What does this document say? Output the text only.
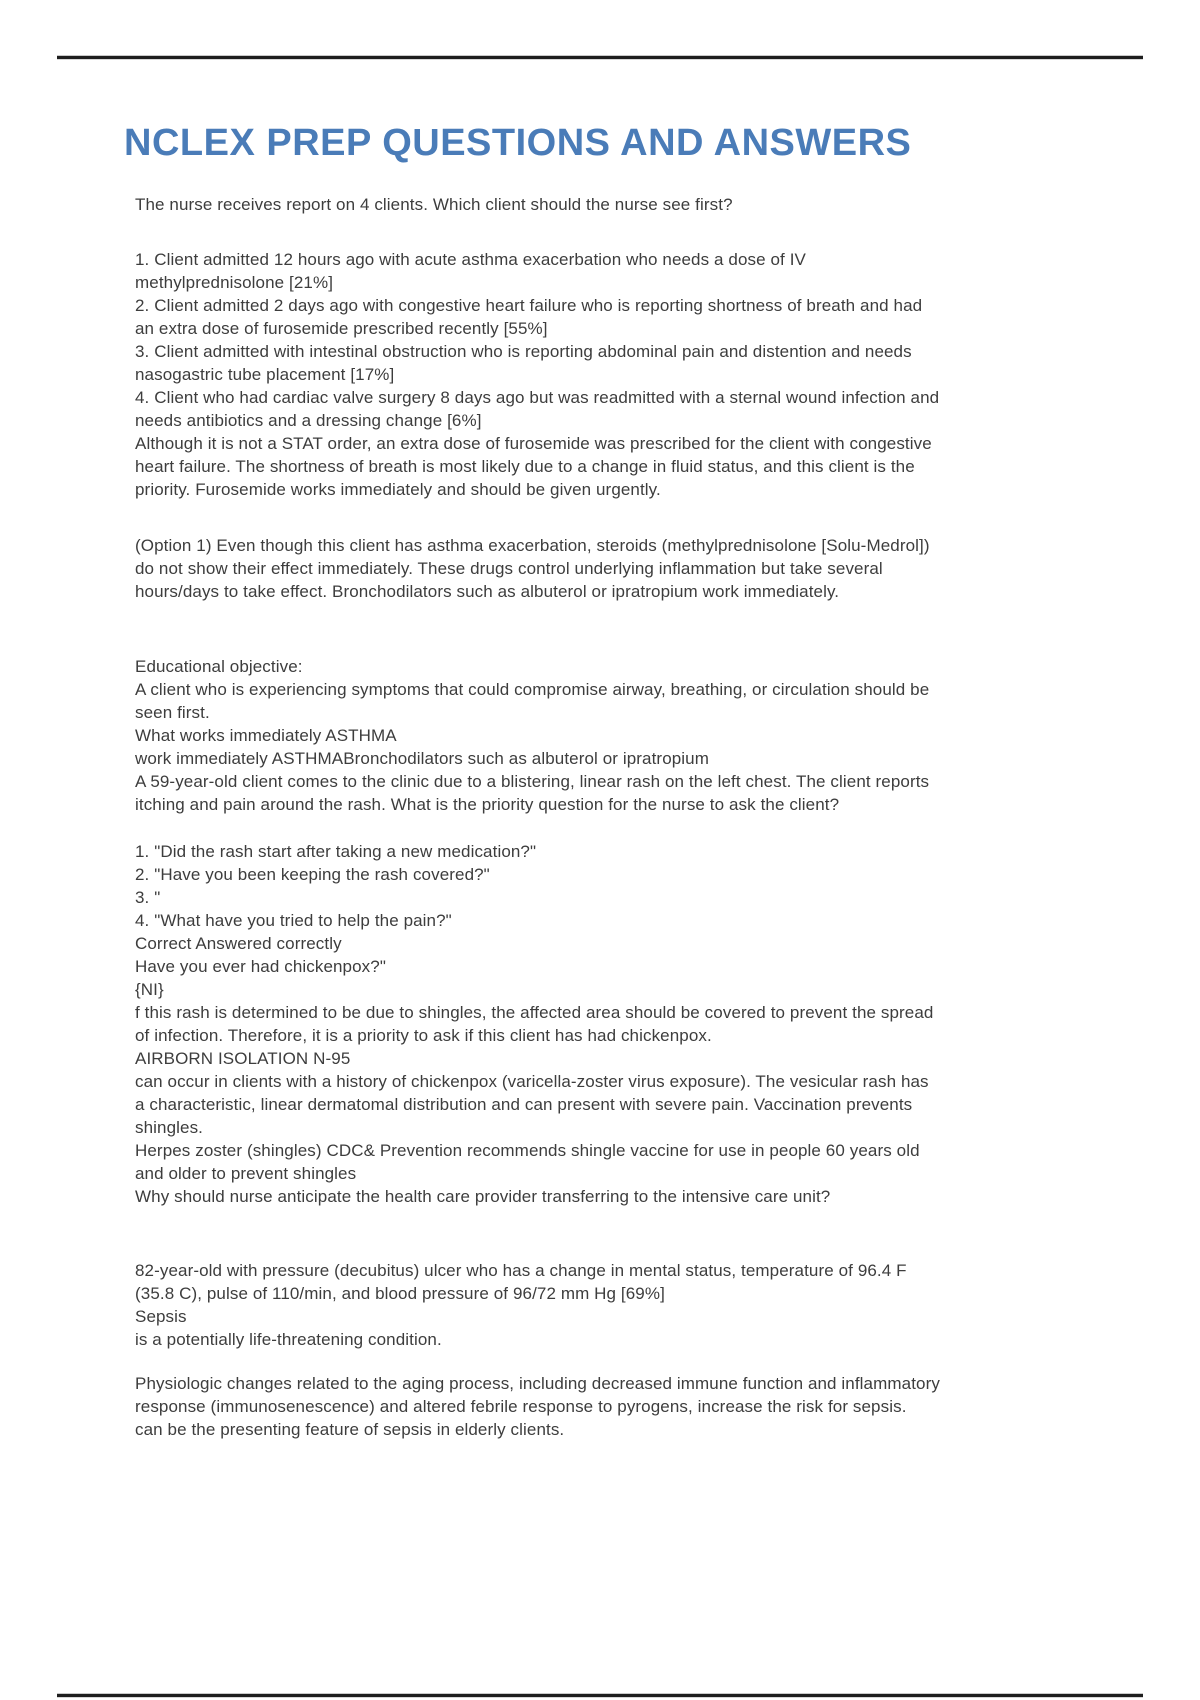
NCLEX PREP QUESTIONS AND ANSWERS
The nurse receives report on 4 clients. Which client should the nurse see first?
1. Client admitted 12 hours ago with acute asthma exacerbation who needs a dose of IV
methylprednisolone [21%]
2. Client admitted 2 days ago with congestive heart failure who is reporting shortness of breath and had
an extra dose of furosemide prescribed recently [55%]
3. Client admitted with intestinal obstruction who is reporting abdominal pain and distention and needs
nasogastric tube placement [17%]
4. Client who had cardiac valve surgery 8 days ago but was readmitted with a sternal wound infection and
needs antibiotics and a dressing change [6%]
Although it is not a STAT order, an extra dose of furosemide was prescribed for the client with congestive
heart failure. The shortness of breath is most likely due to a change in fluid status, and this client is the
priority. Furosemide works immediately and should be given urgently.
(Option 1) Even though this client has asthma exacerbation, steroids (methylprednisolone [Solu-Medrol])
do not show their effect immediately. These drugs control underlying inflammation but take several
hours/days to take effect. Bronchodilators such as albuterol or ipratropium work immediately.
Educational objective:
A client who is experiencing symptoms that could compromise airway, breathing, or circulation should be
seen first.
What works immediately ASTHMA
work immediately ASTHMABronchodilators such as albuterol or ipratropium
A 59-year-old client comes to the clinic due to a blistering, linear rash on the left chest. The client reports
itching and pain around the rash. What is the priority question for the nurse to ask the client?
1. "Did the rash start after taking a new medication?"
2. "Have you been keeping the rash covered?"
3. "
4. "What have you tried to help the pain?"
Correct Answered correctly
Have you ever had chickenpox?"
{NI}
f this rash is determined to be due to shingles, the affected area should be covered to prevent the spread
of infection. Therefore, it is a priority to ask if this client has had chickenpox.
AIRBORN ISOLATION N-95
can occur in clients with a history of chickenpox (varicella-zoster virus exposure). The vesicular rash has
a characteristic, linear dermatomal distribution and can present with severe pain. Vaccination prevents
shingles.
Herpes zoster (shingles) CDC& Prevention recommends shingle vaccine for use in people 60 years old
and older to prevent shingles
Why should nurse anticipate the health care provider transferring to the intensive care unit?
82-year-old with pressure (decubitus) ulcer who has a change in mental status, temperature of 96.4 F
(35.8 C), pulse of 110/min, and blood pressure of 96/72 mm Hg [69%]
Sepsis
is a potentially life-threatening condition.
Physiologic changes related to the aging process, including decreased immune function and inflammatory
response (immunosenescence) and altered febrile response to pyrogens, increase the risk for sepsis.
can be the presenting feature of sepsis in elderly clients.
